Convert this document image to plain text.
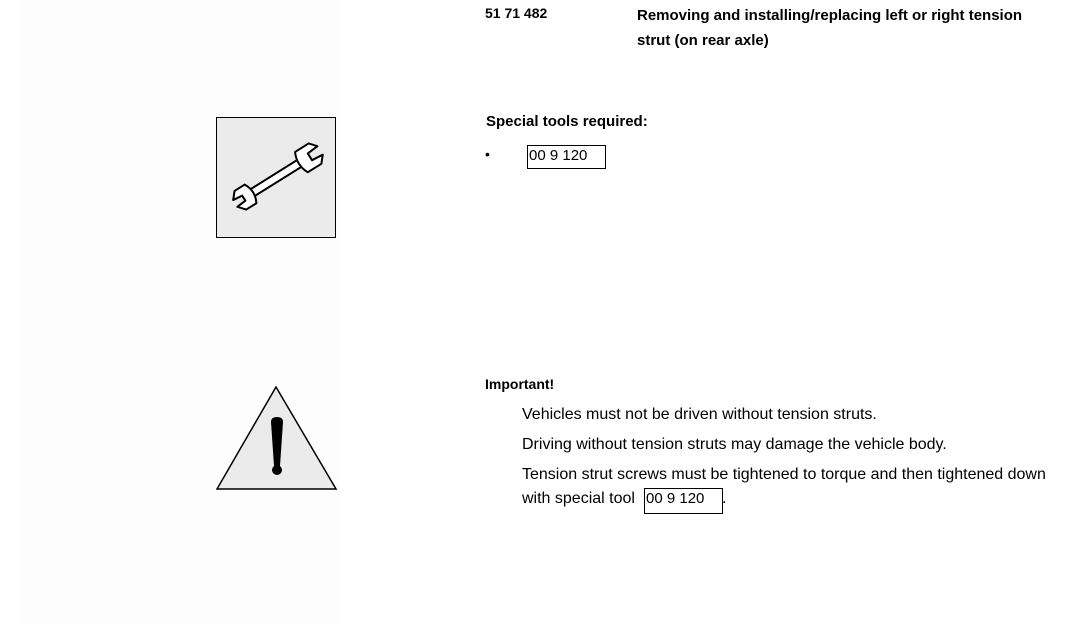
51 71 482	Removing and installing/replacing left or right tension strut (on rear axle)
Special tools required:
•	00 9 120
Important!
Vehicles must not be driven without tension struts.
Driving without tension struts may damage the vehicle body.
Tension strut screws must be tightened to torque and then tightened down
with special tool 00 9 120	.
